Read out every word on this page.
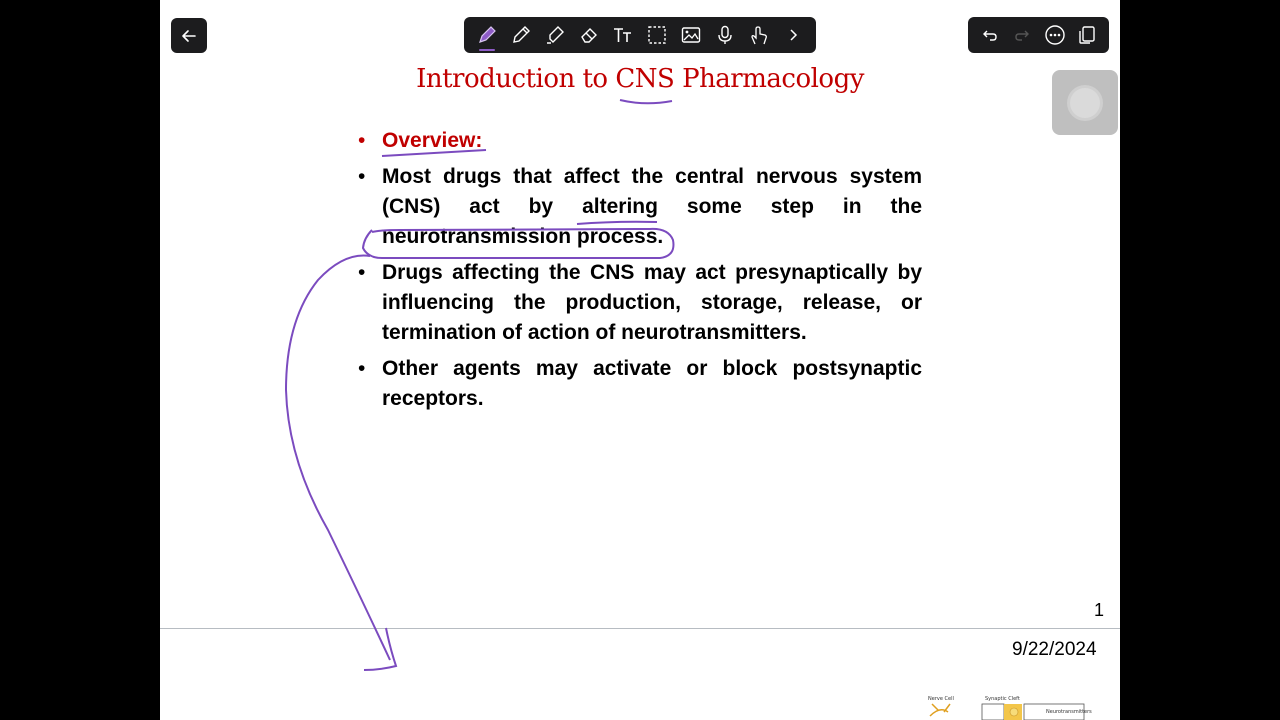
Introduction to CNS Pharmacology
• Overview:
• Most drugs that affect the central nervous system (CNS) act by altering some step in the neurotransmission process.
• Drugs affecting the CNS may act presynaptically by influencing the production, storage, release, or termination of action of neurotransmitters.
• Other agents may activate or block postsynaptic receptors.
1
9/22/2024
Nerve Cell	Synaptic Cleft
Neurotransmitters
